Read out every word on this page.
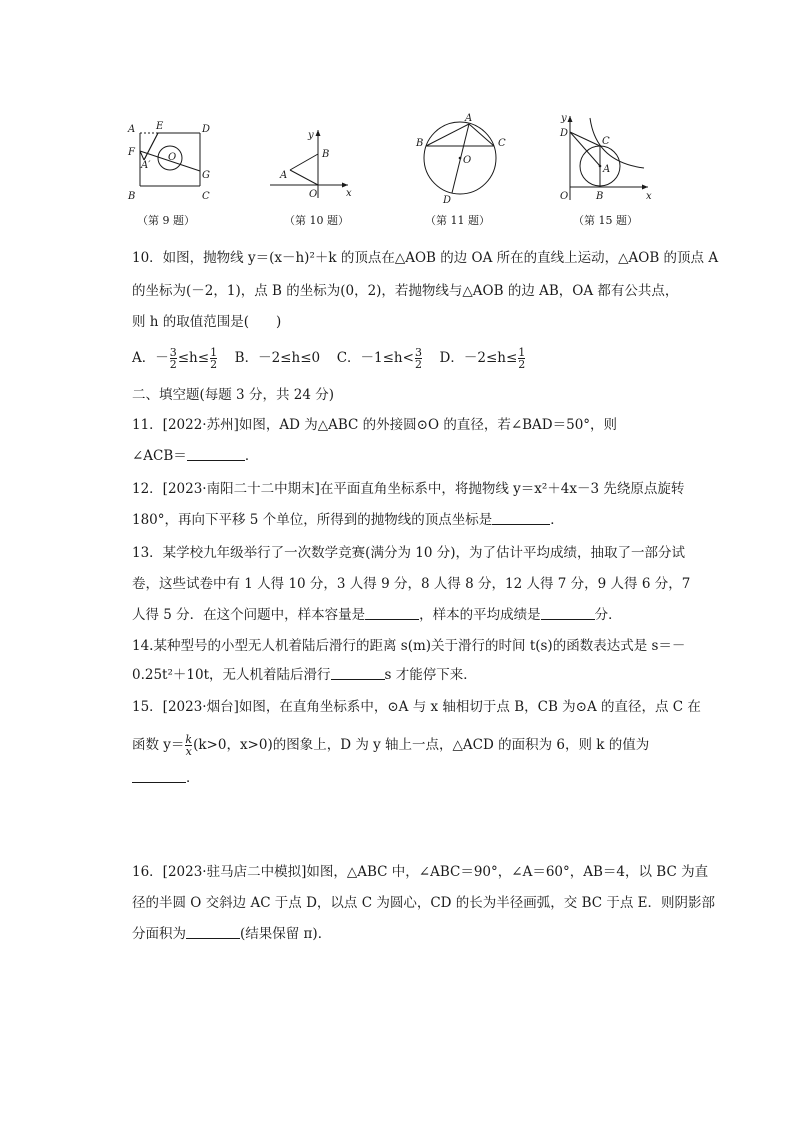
A E	D
F
A′
O
B
G
C
（第 9 题）
y
B
A
O	x
（第 10 题）
A
B	C
O
D
（第 11 题）
y
D
C
A
O	B	x
（第 15 题）
10．如图，抛物线 y＝(x－h)²＋k 的顶点在△AOB 的边 OA 所在的直线上运动，△AOB 的顶点 A
的坐标为(－2，1)，点 B 的坐标为(0，2)，若抛物线与△AOB 的边 AB，OA 都有公共点，
则 h 的取值范围是(　　)
A．－ $\frac{3}{2} \le h\le \frac{1}{2}$ B．－2≤h≤0 C．$-1\le h< \frac{3}{2}$ D．$-2\le h\le \frac{1}{2}$
二、填空题(每题 3 分，共 24 分)
11．[2022·苏州]如图，AD 为△ABC 的外接圆⊙O 的直径，若∠BAD＝50°，则
∠ACB＝	．
12．[2023·南阳二十二中期末]在平面直角坐标系中，将抛物线 y＝x²＋4x－3 先绕原点旋转
180°，再向下平移 5 个单位，所得到的抛物线的顶点坐标是	．
13．某学校九年级举行了一次数学竞赛(满分为 10 分)，为了估计平均成绩，抽取了一部分试
卷，这些试卷中有 1 人得 10 分，3 人得 9 分，8 人得 8 分，12 人得 7 分，9 人得 6 分，7
人得 5 分．在这个问题中，样本容量是	，样本的平均成绩是	分．
14.某种型号的小型无人机着陆后滑行的距离 s(m)关于滑行的时间 t(s)的函数表达式是 s＝－
0.25t²＋10t，无人机着陆后滑行	s 才能停下来．
15．[2023·烟台]如图，在直角坐标系中，⊙A 与 x 轴相切于点 B，CB 为⊙A 的直径，点 C 在
函数 $y= \frac{k}{x} (k>0$，x>0)的图象上，D 为 y 轴上一点，△ACD 的面积为 6，则 k 的值为
．
16．[2023·驻马店二中模拟]如图，△ABC 中，∠ABC＝90°，∠A＝60°，AB＝4，以 BC 为直
径的半圆 O 交斜边 AC 于点 D，以点 C 为圆心，CD 的长为半径画弧，交 BC 于点 E．则阴影部
分面积为	(结果保留 π)．
